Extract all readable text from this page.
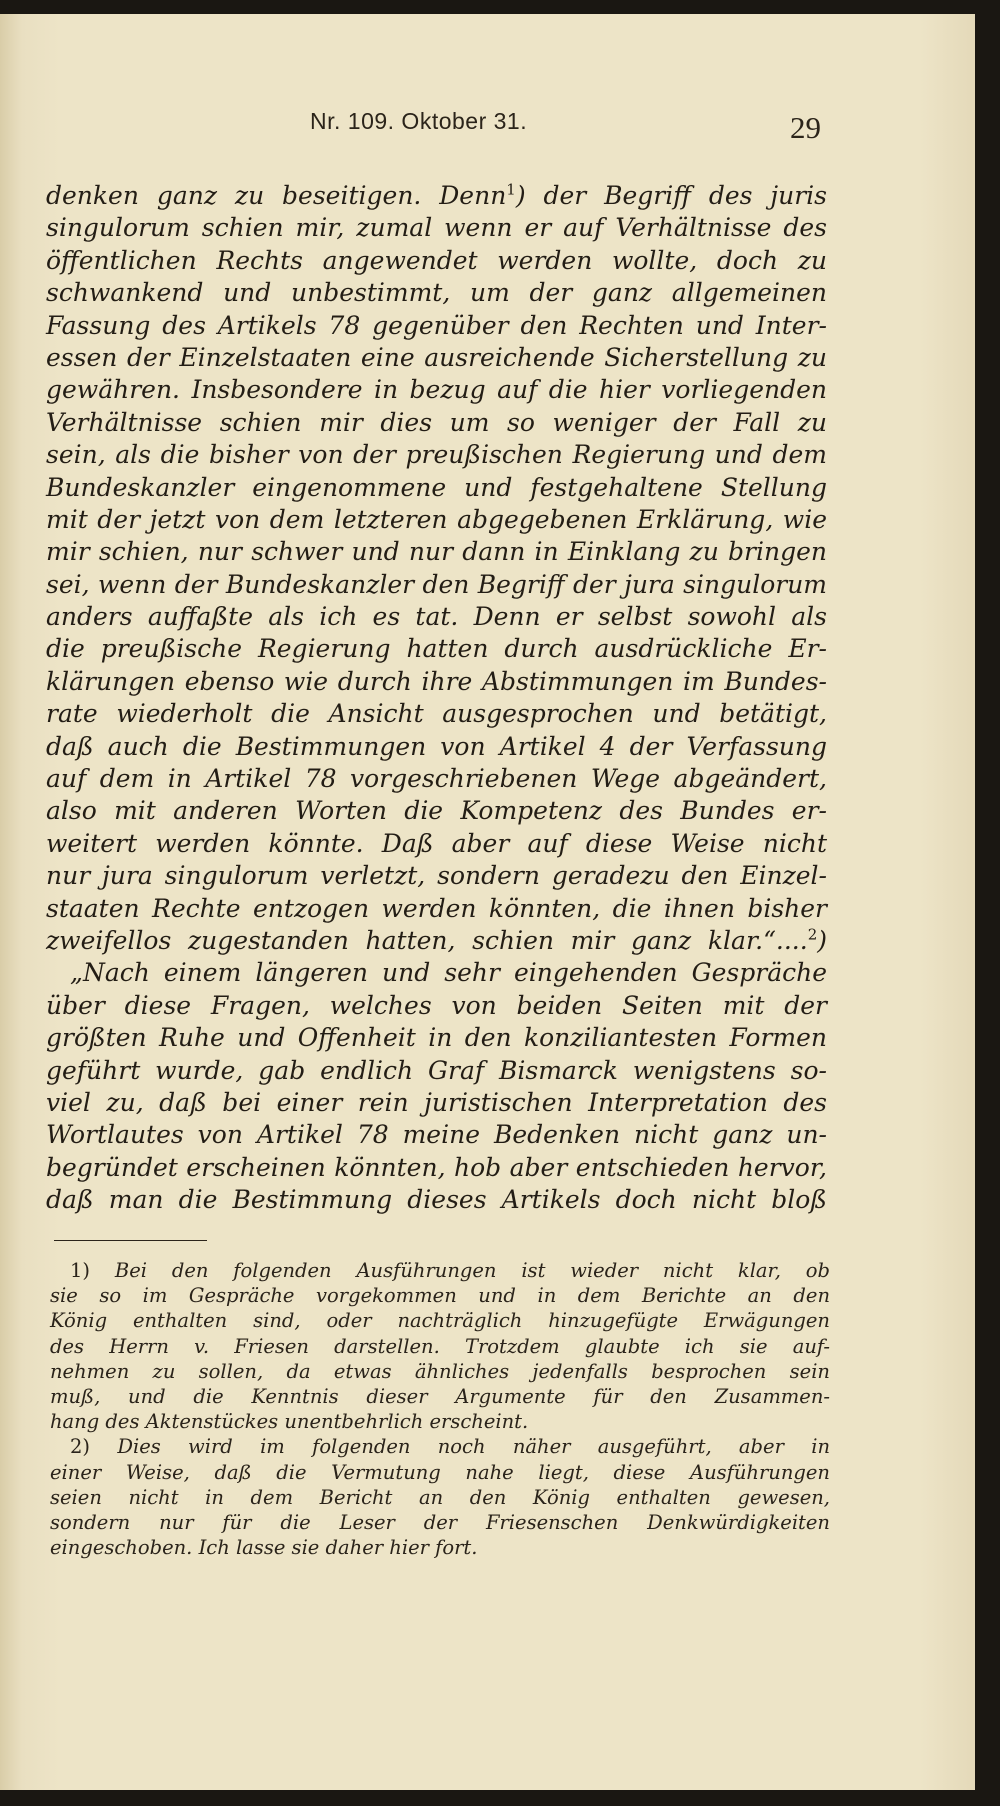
Nr. 109. Oktober 31.	29
denken ganz zu beseitigen. Denn$^1$) der Begriff des juris
singulorum schien mir, zumal wenn er auf Verhältnisse des
öffentlichen Rechts angewendet werden wollte, doch zu
schwankend und unbestimmt, um der ganz allgemeinen
Fassung des Artikels 78 gegenüber den Rechten und Inter-
essen der Einzelstaaten eine ausreichende Sicherstellung zu
gewähren. Insbesondere in bezug auf die hier vorliegenden
Verhältnisse schien mir dies um so weniger der Fall zu
sein, als die bisher von der preußischen Regierung und dem
Bundeskanzler eingenommene und festgehaltene Stellung
mit der jetzt von dem letzteren abgegebenen Erklärung, wie
mir schien, nur schwer und nur dann in Einklang zu bringen
sei, wenn der Bundeskanzler den Begriff der jura singulorum
anders auffaßte als ich es tat. Denn er selbst sowohl als
die preußische Regierung hatten durch ausdrückliche Er-
klärungen ebenso wie durch ihre Abstimmungen im Bundes-
rate wiederholt die Ansicht ausgesprochen und betätigt,
daß auch die Bestimmungen von Artikel 4 der Verfassung
auf dem in Artikel 78 vorgeschriebenen Wege abgeändert,
also mit anderen Worten die Kompetenz des Bundes er-
weitert werden könnte. Daß aber auf diese Weise nicht
nur jura singulorum verletzt, sondern geradezu den Einzel-
staaten Rechte entzogen werden könnten, die ihnen bisher
zweifellos zugestanden hatten, schien mir ganz klar.“....$^2$)
„Nach einem längeren und sehr eingehenden Gespräche
über diese Fragen, welches von beiden Seiten mit der
größten Ruhe und Offenheit in den konziliantesten Formen
geführt wurde, gab endlich Graf Bismarck wenigstens so-
viel zu, daß bei einer rein juristischen Interpretation des
Wortlautes von Artikel 78 meine Bedenken nicht ganz un-
begründet erscheinen könnten, hob aber entschieden hervor,
daß man die Bestimmung dieses Artikels doch nicht bloß
1) Bei den folgenden Ausführungen ist wieder nicht klar, ob
sie so im Gespräche vorgekommen und in dem Berichte an den
König enthalten sind, oder nachträglich hinzugefügte Erwägungen
des Herrn v. Friesen darstellen. Trotzdem glaubte ich sie auf-
nehmen zu sollen, da etwas ähnliches jedenfalls besprochen sein
muß, und die Kenntnis dieser Argumente für den Zusammen-
hang des Aktenstückes unentbehrlich erscheint.
2) Dies wird im folgenden noch näher ausgeführt, aber in
einer Weise, daß die Vermutung nahe liegt, diese Ausführungen
seien nicht in dem Bericht an den König enthalten gewesen,
sondern nur für die Leser der Friesenschen Denkwürdigkeiten
eingeschoben. Ich lasse sie daher hier fort.
